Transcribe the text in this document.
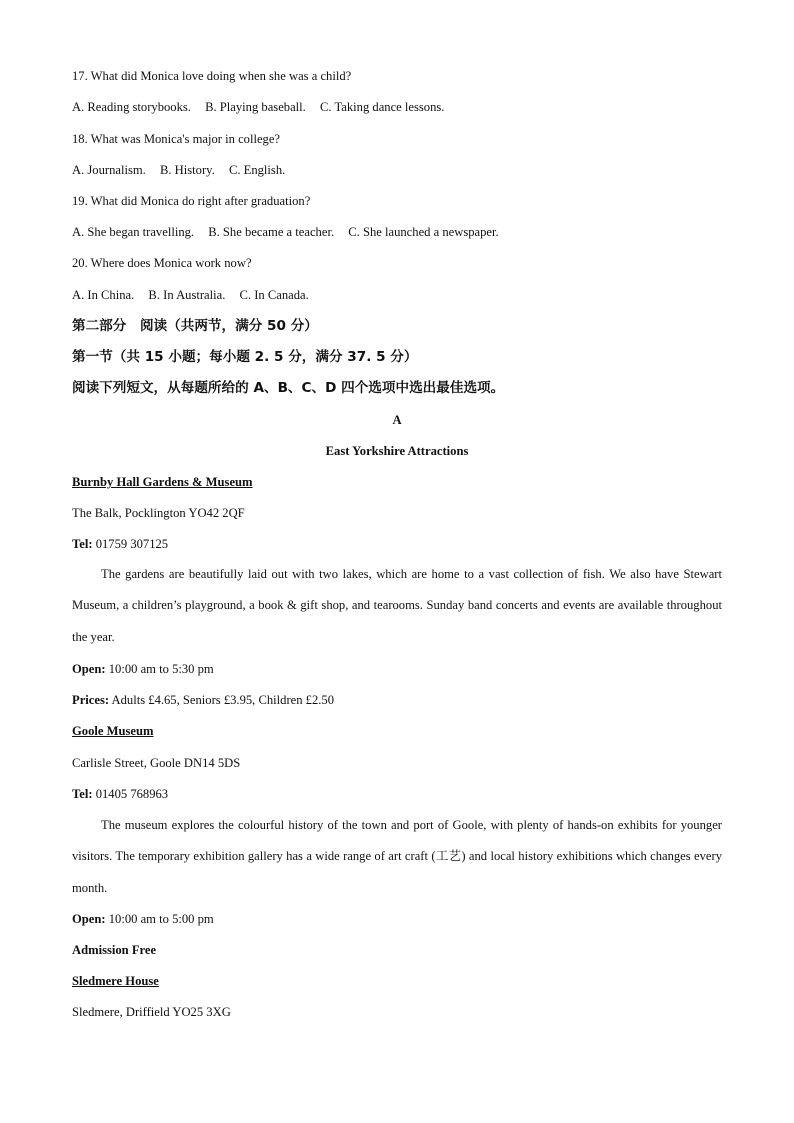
17. What did Monica love doing when she was a child?
A. Reading storybooks. B. Playing baseball. C. Taking dance lessons.
18. What was Monica's major in college?
A. Journalism. B. History. C. English.
19. What did Monica do right after graduation?
A. She began travelling. B. She became a teacher. C. She launched a newspaper.
20. Where does Monica work now?
A. In China. B. In Australia. C. In Canada.
第二部分　阅读（共两节，满分 50 分）
第一节（共 15 小题；每小题 2. 5 分，满分 37. 5 分）
阅读下列短文，从每题所给的 A、B、C、D 四个选项中选出最佳选项。
A
East Yorkshire Attractions
Burnby Hall Gardens & Museum
The Balk, Pocklington YO42 2QF
Tel: 01759 307125
The gardens are beautifully laid out with two lakes, which are home to a vast collection of fish. We also have Stewart Museum, a children’s playground, a book & gift shop, and tearooms. Sunday band concerts and events are available throughout the year.
Open: 10:00 am to 5:30 pm
Prices: Adults £4.65, Seniors £3.95, Children £2.50
Goole Museum
Carlisle Street, Goole DN14 5DS
Tel: 01405 768963
The museum explores the colourful history of the town and port of Goole, with plenty of hands-on exhibits for younger visitors. The temporary exhibition gallery has a wide range of art craft (工艺) and local history exhibitions which changes every month.
Open: 10:00 am to 5:00 pm
Admission Free
Sledmere House
Sledmere, Driffield YO25 3XG
